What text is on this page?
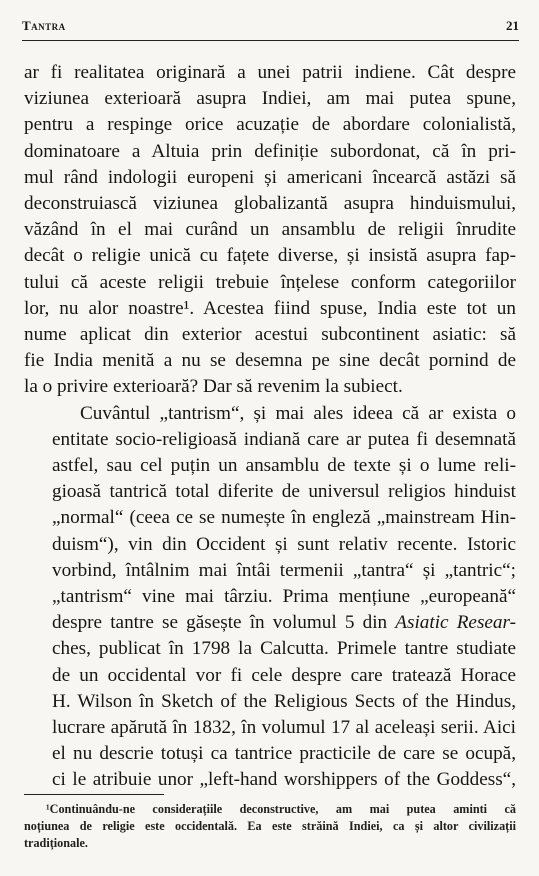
Tantra	21

ar fi realitatea originară a unei patrii indiene. Cât despre
viziunea exterioară asupra Indiei, am mai putea spune,
pentru a respinge orice acuzație de abordare colonialistă,
dominatoare a Altuia prin definiție subordonat, că în pri-
mul rând indologii europeni și americani încearcă astăzi să
deconstruiască viziunea globalizantă asupra hinduismului,
văzând în el mai curând un ansamblu de religii înrudite
decât o religie unică cu fațete diverse, și insistă asupra fap-
tului că aceste religii trebuie înțelese conform categoriilor
lor, nu alor noastre¹. Acestea fiind spuse, India este tot un
nume aplicat din exterior acestui subcontinent asiatic: să
fie India menită a nu se desemna pe sine decât pornind de
la o privire exterioară? Dar să revenim la subiect.

Cuvântul „tantrism“, și mai ales ideea că ar exista o
entitate socio-religioasă indiană care ar putea fi desemnată
astfel, sau cel puțin un ansamblu de texte și o lume reli-
gioasă tantrică total diferite de universul religios hinduist
„normal“ (ceea ce se numește în engleză „mainstream Hin-
duism“), vin din Occident și sunt relativ recente. Istoric
vorbind, întâlnim mai întâi termenii „tantra“ și „tantric“;
„tantrism“ vine mai târziu. Prima mențiune „europeană“
despre tantre se găsește în volumul 5 din Asiatic Resear-
ches, publicat în 1798 la Calcutta. Primele tantre studiate
de un occidental vor fi cele despre care tratează Horace
H. Wilson în Sketch of the Religious Sects of the Hindus,
lucrare apărută în 1832, în volumul 17 al aceleași serii. Aici
el nu descrie totuși ca tantrice practicile de care se ocupă,
ci le atribuie unor „left-hand worshippers of the Goddess“,

¹Continuându-ne considerațiile deconstructive, am mai putea aminti că
noțiunea de religie este occidentală. Ea este străină Indiei, ca și altor civilizații
tradiționale.
